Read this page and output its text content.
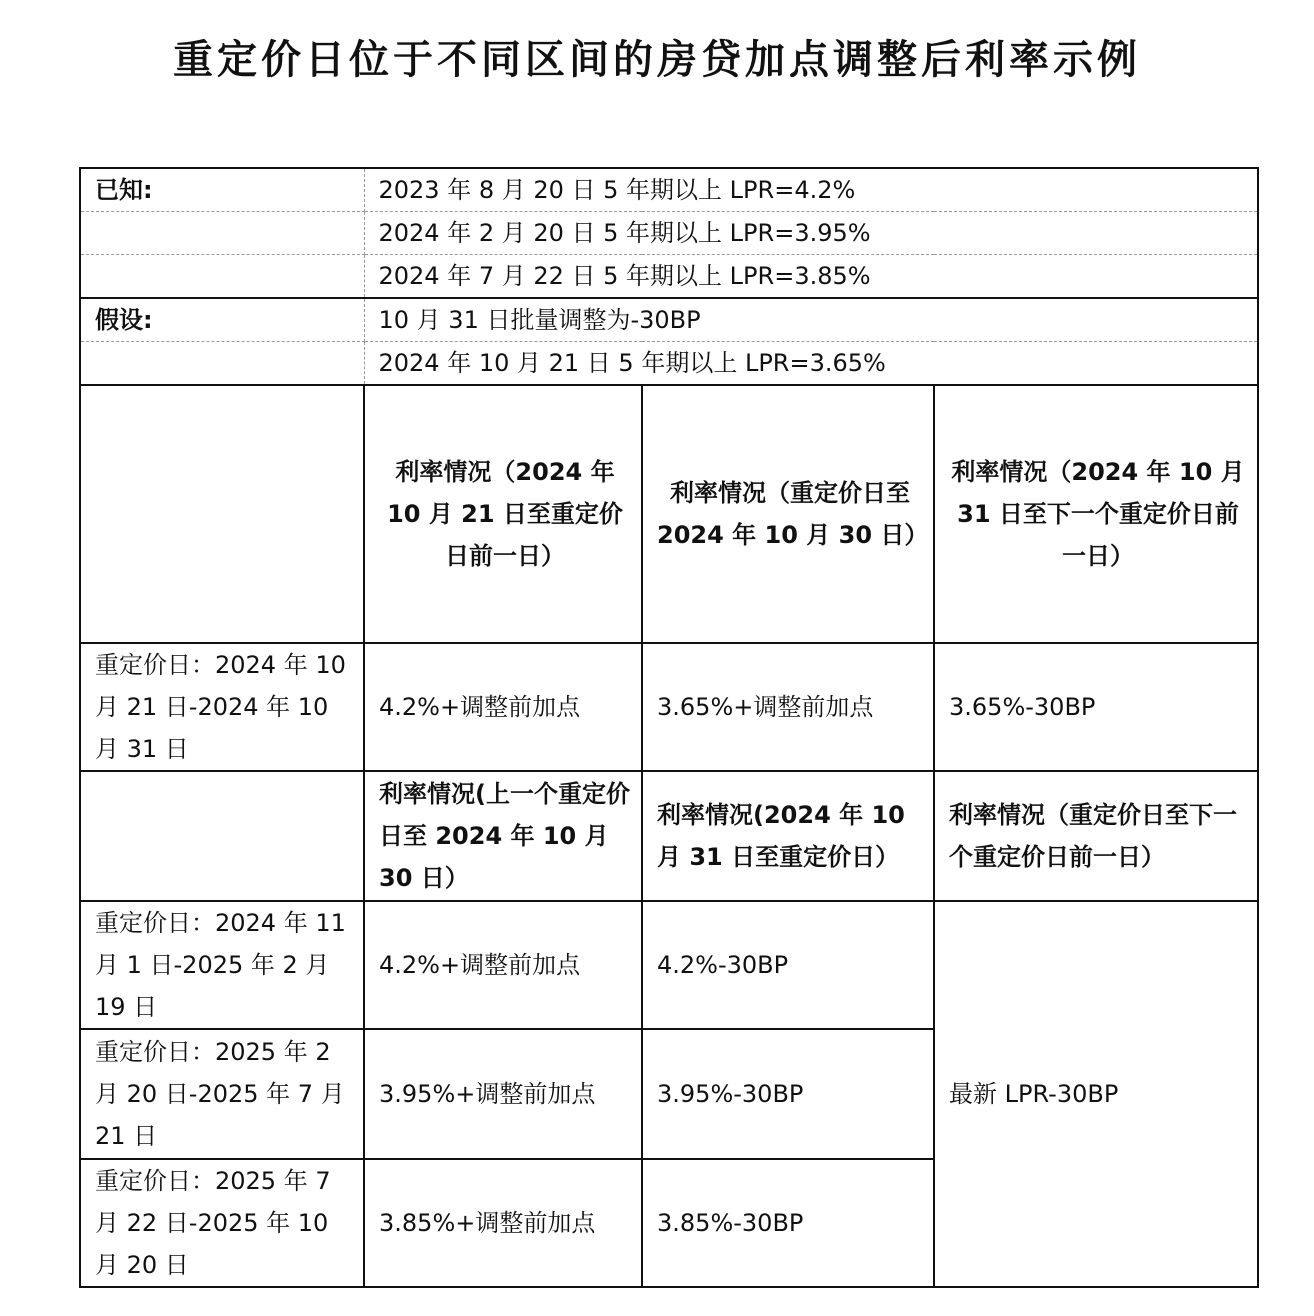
重定价日位于不同区间的房贷加点调整后利率示例
已知:	2023 年 8 月 20 日 5 年期以上 LPR=4.2%		
	2024 年 2 月 20 日 5 年期以上 LPR=3.95%		
	2024 年 7 月 22 日 5 年期以上 LPR=3.85%		
假设:	10 月 31 日批量调整为-30BP		
	2024 年 10 月 21 日 5 年期以上 LPR=3.65%		
	利率情况（2024 年 10 月 21 日至重定价日前一日）	利率情况（重定价日至 2024 年 10 月 30 日）	利率情况（2024 年 10 月 31 日至下一个重定价日前一日）
重定价日：2024 年 10 月 21 日-2024 年 10 月 31 日	4.2%+调整前加点	3.65%+调整前加点	3.65%-30BP
	利率情况(上一个重定价日至 2024 年 10 月 30 日）	利率情况(2024 年 10 月 31 日至重定价日）	利率情况（重定价日至下一个重定价日前一日）
重定价日：2024 年 11 月 1 日-2025 年 2 月 19 日	4.2%+调整前加点	4.2%-30BP	最新 LPR-30BP
重定价日：2025 年 2 月 20 日-2025 年 7 月 21 日	3.95%+调整前加点	3.95%-30BP	
重定价日：2025 年 7 月 22 日-2025 年 10 月 20 日	3.85%+调整前加点	3.85%-30BP	
